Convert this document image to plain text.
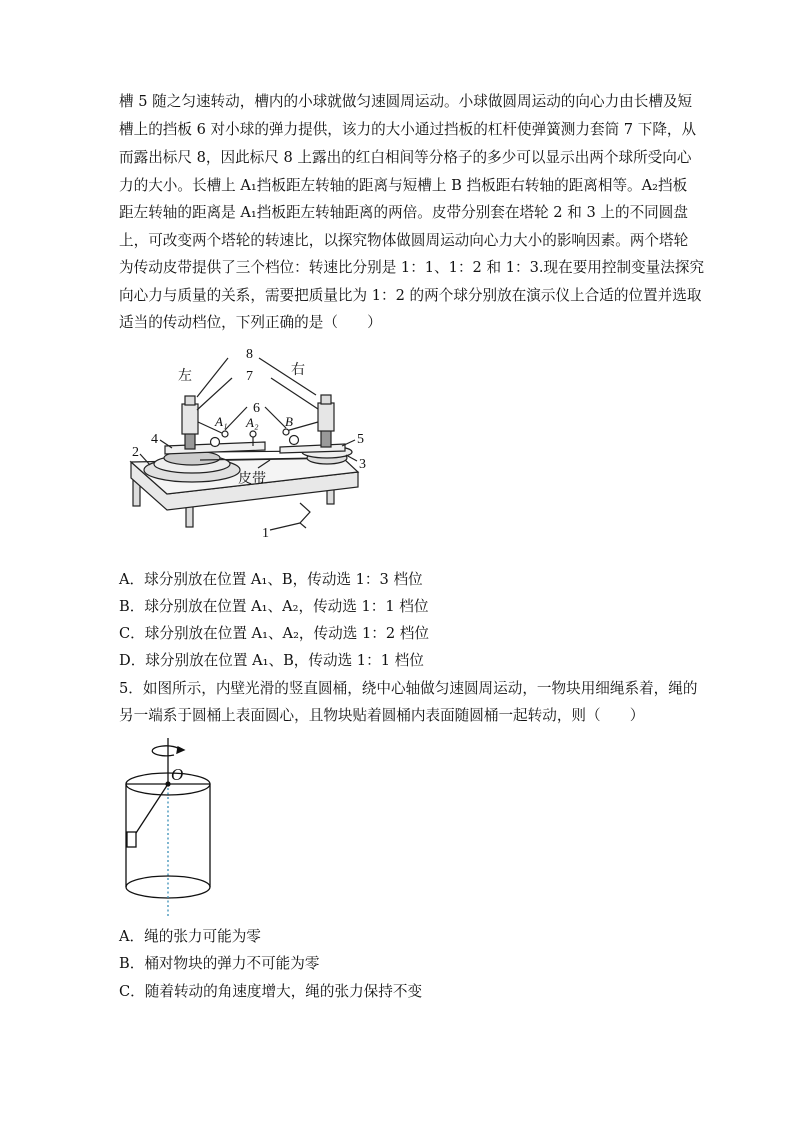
槽 5 随之匀速转动，槽内的小球就做匀速圆周运动。小球做圆周运动的向心力由长槽及短
槽上的挡板 6 对小球的弹力提供，该力的大小通过挡板的杠杆使弹簧测力套筒 7 下降，从
而露出标尺 8，因此标尺 8 上露出的红白相间等分格子的多少可以显示出两个球所受向心
力的大小。长槽上 A₁挡板距左转轴的距离与短槽上 B 挡板距右转轴的距离相等。A₂挡板
距左转轴的距离是 A₁挡板距左转轴距离的两倍。皮带分别套在塔轮 2 和 3 上的不同圆盘
上，可改变两个塔轮的转速比，以探究物体做圆周运动向心力大小的影响因素。两个塔轮
为传动皮带提供了三个档位：转速比分别是 1：1、1：2 和 1：3.现在要用控制变量法探究
向心力与质量的关系，需要把质量比为 1：2 的两个球分别放在演示仪上合适的位置并选取
适当的传动档位，下列正确的是（　　）
8
7
6
左	右
A₁ A₂ B
4
2
5
3
皮带
1
A．球分别放在位置 A₁、B，传动选 1：3 档位
B．球分别放在位置 A₁、A₂，传动选 1：1 档位
C．球分别放在位置 A₁、A₂，传动选 1：2 档位
D．球分别放在位置 A₁、B，传动选 1：1 档位
5．如图所示，内壁光滑的竖直圆桶，绕中心轴做匀速圆周运动，一物块用细绳系着，绳的
另一端系于圆桶上表面圆心，且物块贴着圆桶内表面随圆桶一起转动，则（　　）
O
A．绳的张力可能为零
B．桶对物块的弹力不可能为零
C．随着转动的角速度增大，绳的张力保持不变
